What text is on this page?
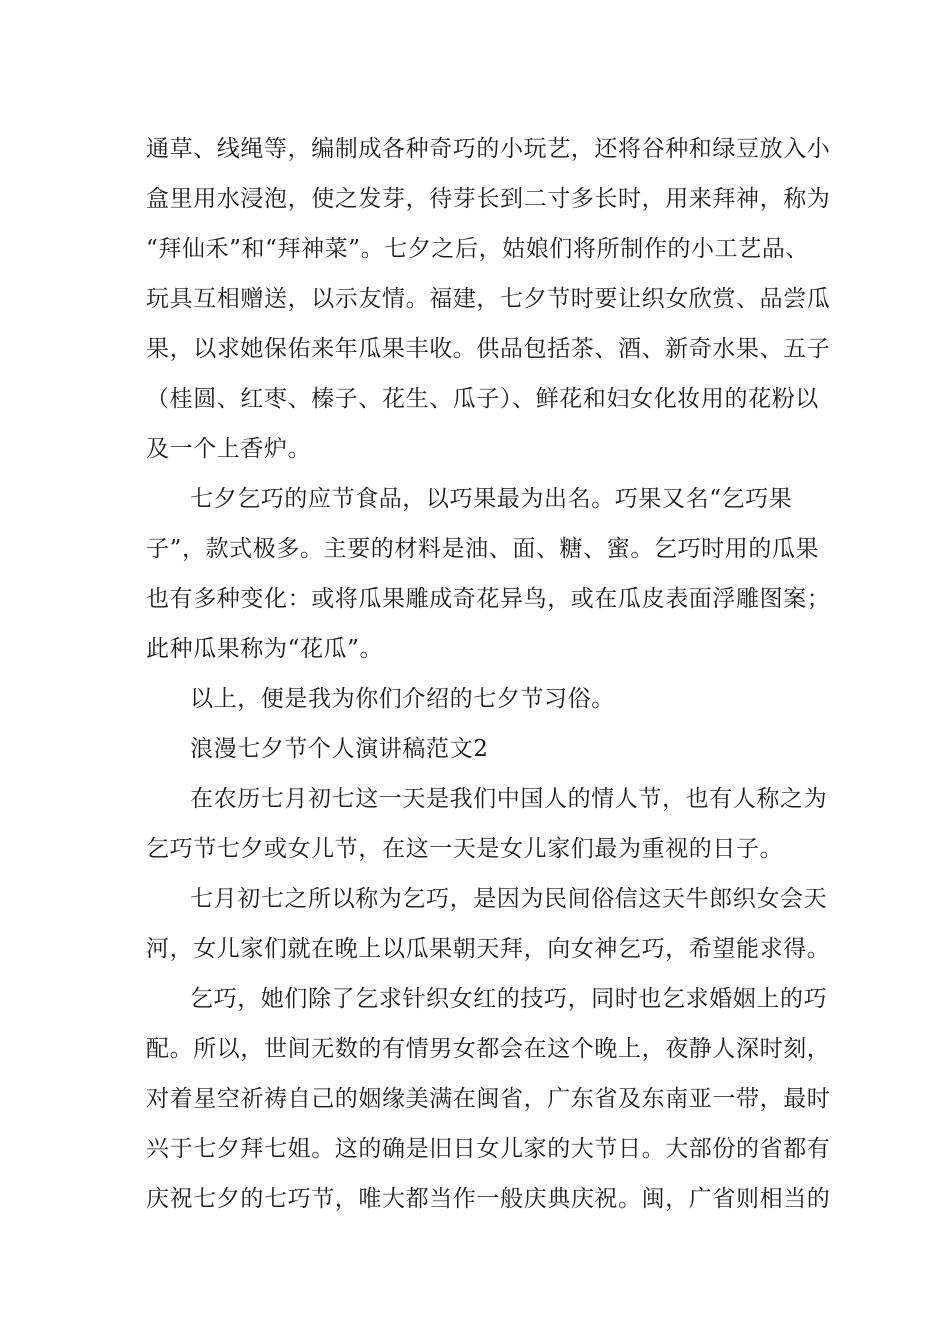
通草、线绳等，编制成各种奇巧的小玩艺，还将谷种和绿豆放入小
盒里用水浸泡，使之发芽，待芽长到二寸多长时，用来拜神，称为
“拜仙禾”和“拜神菜”。七夕之后，姑娘们将所制作的小工艺品、
玩具互相赠送，以示友情。福建，七夕节时要让织女欣赏、品尝瓜
果，以求她保佑来年瓜果丰收。供品包括茶、酒、新奇水果、五子
（桂圆、红枣、榛子、花生、瓜子）、鲜花和妇女化妆用的花粉以
及一个上香炉。
七夕乞巧的应节食品，以巧果最为出名。巧果又名“乞巧果
子”，款式极多。主要的材料是油、面、糖、蜜。乞巧时用的瓜果
也有多种变化：或将瓜果雕成奇花异鸟，或在瓜皮表面浮雕图案；
此种瓜果称为“花瓜”。
以上，便是我为你们介绍的七夕节习俗。
浪漫七夕节个人演讲稿范文2
在农历七月初七这一天是我们中国人的情人节，也有人称之为
乞巧节七夕或女儿节，在这一天是女儿家们最为重视的日子。
七月初七之所以称为乞巧，是因为民间俗信这天牛郎织女会天
河，女儿家们就在晚上以瓜果朝天拜，向女神乞巧，希望能求得。
乞巧，她们除了乞求针织女红的技巧，同时也乞求婚姻上的巧
配。所以，世间无数的有情男女都会在这个晚上，夜静人深时刻，
对着星空祈祷自己的姻缘美满在闽省，广东省及东南亚一带，最时
兴于七夕拜七姐。这的确是旧日女儿家的大节日。大部份的省都有
庆祝七夕的七巧节，唯大都当作一般庆典庆祝。闽，广省则相当的
